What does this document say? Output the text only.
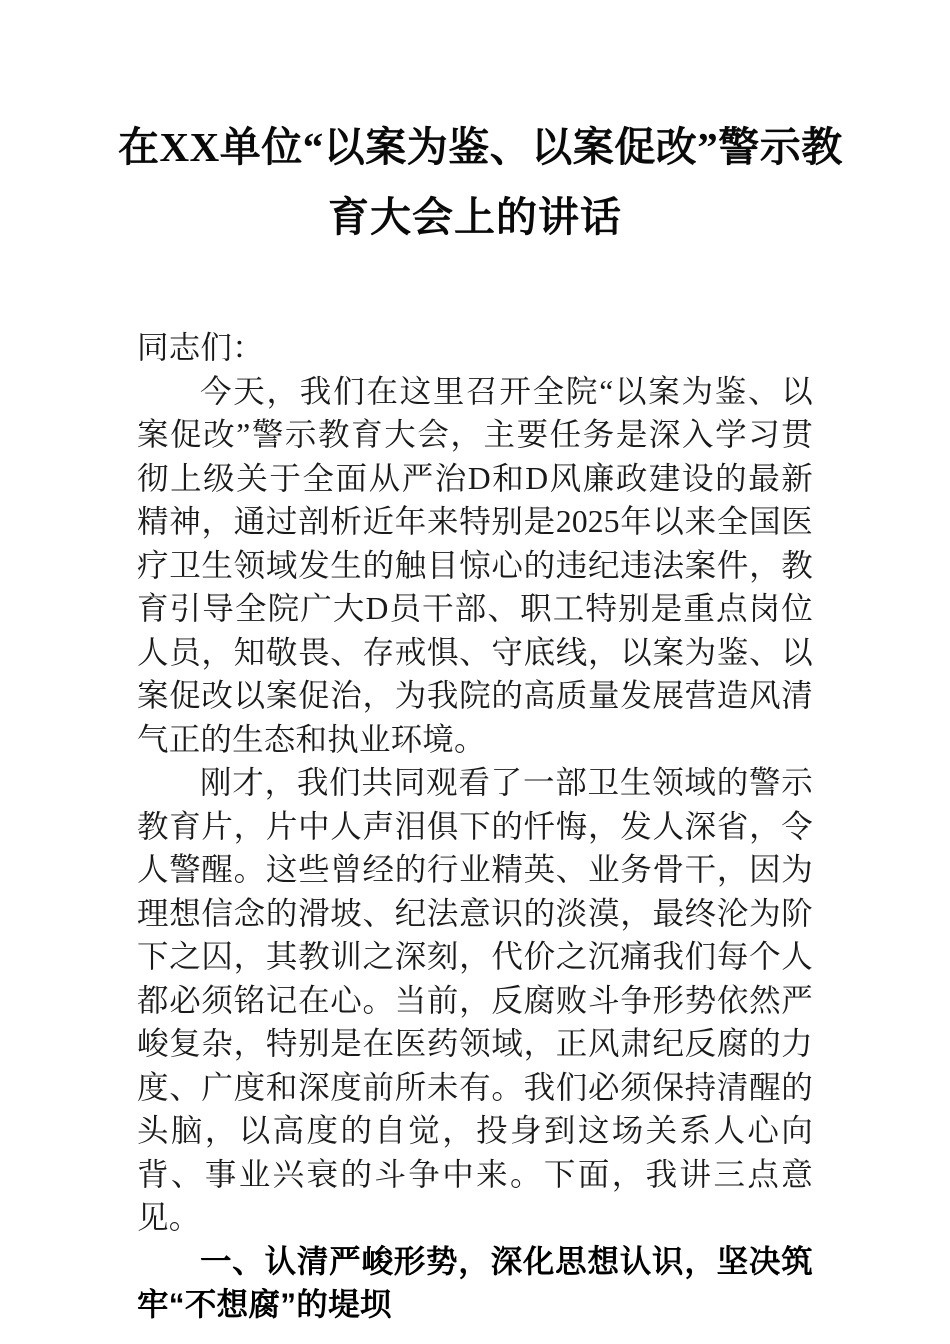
在XX单位“以案为鉴、以案促改”警示教
育大会上的讲话

同志们：

今天，我们在这里召开全院“以案为鉴、以案促改”警示教育大会，主要任务是深入学习贯彻上级关于全面从严治D和D风廉政建设的最新精神，通过剖析近年来特别是2025年以来全国医疗卫生领域发生的触目惊心的违纪违法案件，教育引导全院广大D员干部、职工特别是重点岗位人员，知敬畏、存戒惧、守底线，以案为鉴、以案促改以案促治，为我院的高质量发展营造风清气正的生态和执业环境。

刚才，我们共同观看了一部卫生领域的警示教育片，片中人声泪俱下的忏悔，发人深省，令人警醒。这些曾经的行业精英、业务骨干，因为理想信念的滑坡、纪法意识的淡漠，最终沦为阶下之囚，其教训之深刻，代价之沉痛我们每个人都必须铭记在心。当前，反腐败斗争形势依然严峻复杂，特别是在医药领域，正风肃纪反腐的力度、广度和深度前所未有。我们必须保持清醒的头脑，以高度的自觉，投身到这场关系人心向背、事业兴衰的斗争中来。下面，我讲三点意见。

一、认清严峻形势，深化思想认识，坚决筑牢“不想腐”的堤坝
